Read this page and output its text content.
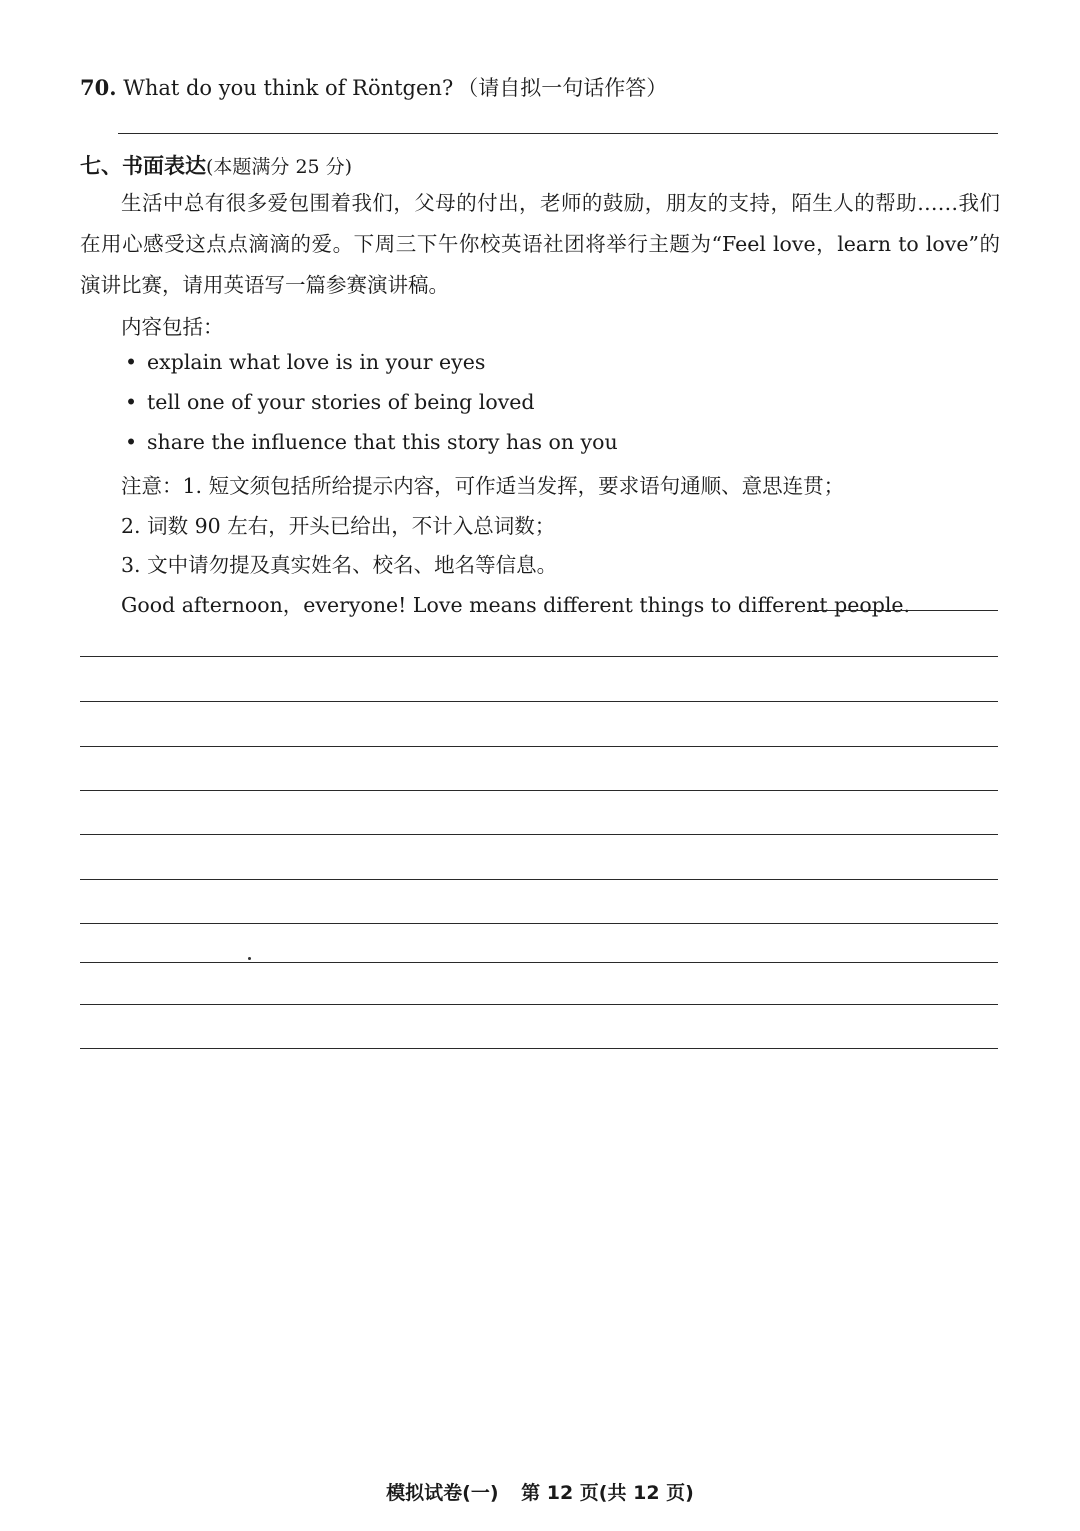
70. What do you think of Röntgen? （请自拟一句话作答）
七、书面表达(本题满分 25 分)
生活中总有很多爱包围着我们，父母的付出，老师的鼓励，朋友的支持，陌生人的帮助……我们在用心感受这点点滴滴的爱。下周三下午你校英语社团将举行主题为“Feel love，learn to love”的演讲比赛，请用英语写一篇参赛演讲稿。
内容包括：
• explain what love is in your eyes
• tell one of your stories of being loved
• share the influence that this story has on you
注意：1. 短文须包括所给提示内容，可作适当发挥，要求语句通顺、意思连贯；
2. 词数 90 左右，开头已给出，不计入总词数；
3. 文中请勿提及真实姓名、校名、地名等信息。
Good afternoon，everyone! Love means different things to different people.
模拟试卷(一) 第 12 页(共 12 页)
